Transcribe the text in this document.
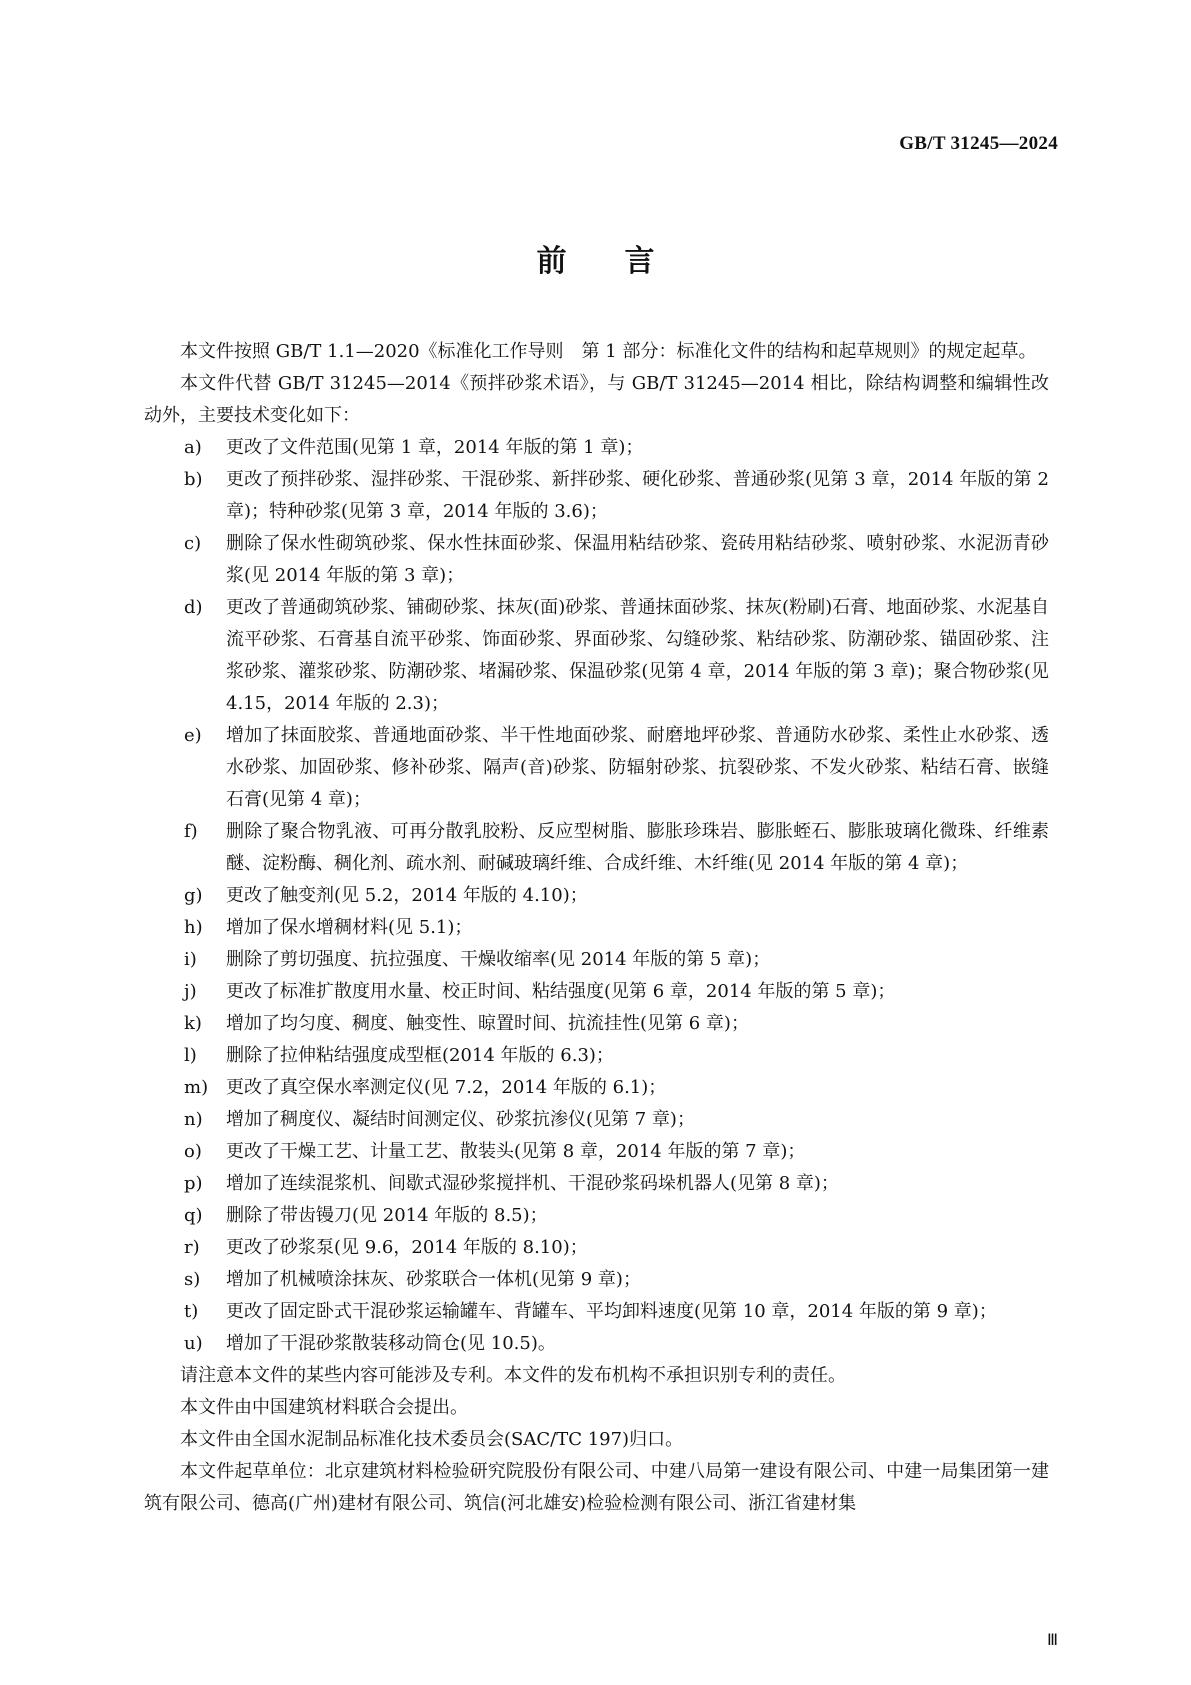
GB/T 31245—2024
前言

本文件按照 GB/T 1.1—2020《标准化工作导则　第 1 部分：标准化文件的结构和起草规则》的规定起草。

本文件代替 GB/T 31245—2014《预拌砂浆术语》，与 GB/T 31245—2014 相比，除结构调整和编辑性改动外，主要技术变化如下：

a)	更改了文件范围(见第 1 章，2014 年版的第 1 章)；
b)	更改了预拌砂浆、湿拌砂浆、干混砂浆、新拌砂浆、硬化砂浆、普通砂浆(见第 3 章，2014 年版的第 2 章)；特种砂浆(见第 3 章，2014 年版的 3.6)；
c)	删除了保水性砌筑砂浆、保水性抹面砂浆、保温用粘结砂浆、瓷砖用粘结砂浆、喷射砂浆、水泥沥青砂浆(见 2014 年版的第 3 章)；
d)	更改了普通砌筑砂浆、铺砌砂浆、抹灰(面)砂浆、普通抹面砂浆、抹灰(粉刷)石膏、地面砂浆、水泥基自流平砂浆、石膏基自流平砂浆、饰面砂浆、界面砂浆、勾缝砂浆、粘结砂浆、防潮砂浆、锚固砂浆、注浆砂浆、灌浆砂浆、防潮砂浆、堵漏砂浆、保温砂浆(见第 4 章，2014 年版的第 3 章)；聚合物砂浆(见 4.15，2014 年版的 2.3)；
e)	增加了抹面胶浆、普通地面砂浆、半干性地面砂浆、耐磨地坪砂浆、普通防水砂浆、柔性止水砂浆、透水砂浆、加固砂浆、修补砂浆、隔声(音)砂浆、防辐射砂浆、抗裂砂浆、不发火砂浆、粘结石膏、嵌缝石膏(见第 4 章)；
f)	删除了聚合物乳液、可再分散乳胶粉、反应型树脂、膨胀珍珠岩、膨胀蛭石、膨胀玻璃化微珠、纤维素醚、淀粉酶、稠化剂、疏水剂、耐碱玻璃纤维、合成纤维、木纤维(见 2014 年版的第 4 章)；
g)	更改了触变剂(见 5.2，2014 年版的 4.10)；
h)	增加了保水增稠材料(见 5.1)；
i)	删除了剪切强度、抗拉强度、干燥收缩率(见 2014 年版的第 5 章)；
j)	更改了标准扩散度用水量、校正时间、粘结强度(见第 6 章，2014 年版的第 5 章)；
k)	增加了均匀度、稠度、触变性、晾置时间、抗流挂性(见第 6 章)；
l)	删除了拉伸粘结强度成型框(2014 年版的 6.3)；
m) 更改了真空保水率测定仪(见 7.2，2014 年版的 6.1)；
n)	增加了稠度仪、凝结时间测定仪、砂浆抗渗仪(见第 7 章)；
o)	更改了干燥工艺、计量工艺、散装头(见第 8 章，2014 年版的第 7 章)；
p)	增加了连续混浆机、间歇式湿砂浆搅拌机、干混砂浆码垛机器人(见第 8 章)；
q)	删除了带齿镘刀(见 2014 年版的 8.5)；
r)	更改了砂浆泵(见 9.6，2014 年版的 8.10)；
s)	增加了机械喷涂抹灰、砂浆联合一体机(见第 9 章)；
t)	更改了固定卧式干混砂浆运输罐车、背罐车、平均卸料速度(见第 10 章，2014 年版的第 9 章)；
u)	增加了干混砂浆散装移动筒仓(见 10.5)。

请注意本文件的某些内容可能涉及专利。本文件的发布机构不承担识别专利的责任。

本文件由中国建筑材料联合会提出。

本文件由全国水泥制品标准化技术委员会(SAC/TC 197)归口。

本文件起草单位：北京建筑材料检验研究院股份有限公司、中建八局第一建设有限公司、中建一局集团第一建筑有限公司、德高(广州)建材有限公司、筑信(河北雄安)检验检测有限公司、浙江省建材集

Ⅲ
